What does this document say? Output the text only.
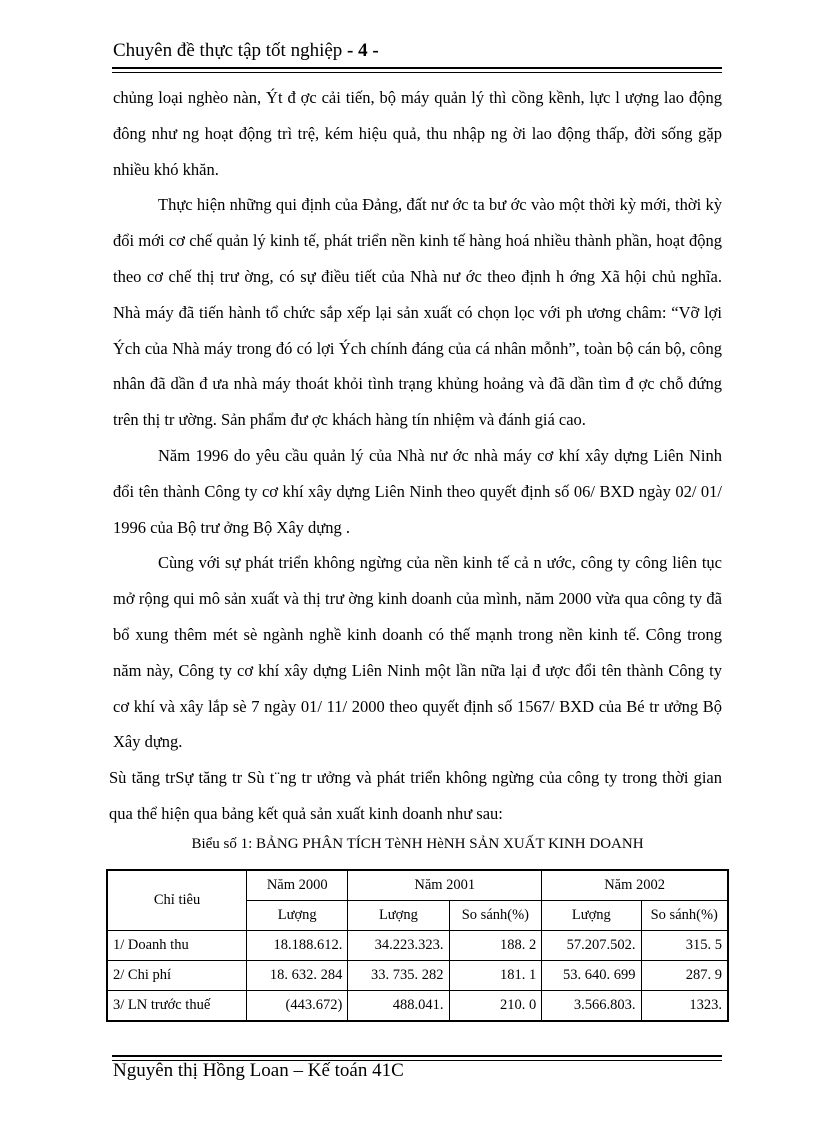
Chuyên đề thực tập tốt nghiệp - 4 -

chủng loại nghèo nàn, Ýt đ ợc cải tiến, bộ máy quản lý thì cồng kềnh, lực l ượng lao động đông như ng hoạt động trì trệ, kém hiệu quả, thu nhập ng ời lao động thấp, đời sống gặp nhiều khó khăn.

Thực hiện những qui định của Đảng, đất nư ớc ta bư ớc vào một thời kỳ mới, thời kỳ đổi mới cơ chế quản lý kinh tế, phát triển nền kinh tế hàng hoá nhiều thành phần, hoạt động theo cơ chế thị trư ờng, có sự điều tiết của Nhà nư ớc theo định h ớng Xã hội chủ nghĩa. Nhà máy đã tiến hành tổ chức sắp xếp lại sản xuất có chọn lọc với ph ương châm: “Vỡ lợi Ých của Nhà máy trong đó có lợi Ých chính đáng của cá nhân mỗnh”, toàn bộ cán bộ, công nhân đã dần đ ưa nhà máy thoát khỏi tình trạng khủng hoảng và đã dần tìm đ ợc chỗ đứng trên thị tr ường. Sản phẩm đư ợc khách hàng tín nhiệm và đánh giá cao.

Năm 1996 do yêu cầu quản lý của Nhà nư ớc nhà máy cơ khí xây dựng Liên Ninh đổi tên thành Công ty cơ khí xây dựng Liên Ninh theo quyết định số 06/ BXD ngày 02/ 01/ 1996 của Bộ trư ởng Bộ Xây dựng .

Cùng với sự phát triển không ngừng của nền kinh tế cả n ước, công ty công liên tục mở rộng qui mô sản xuất và thị trư ờng kinh doanh của mình, năm 2000 vừa qua công ty đã bổ xung thêm mét sè ngành nghề kinh doanh có thế mạnh trong nền kinh tế. Công trong năm này, Công ty cơ khí xây dựng Liên Ninh một lần nữa lại đ ược đổi tên thành Công ty cơ khí và xây lắp sè 7 ngày 01/ 11/ 2000 theo quyết định số 1567/ BXD của Bé tr ưởng Bộ Xây dựng.

Sù tăng trSự tăng tr Sù t¨ng tr ưởng và phát triển không ngừng của công ty trong thời gian qua thể hiện qua bảng kết quả sản xuất kinh doanh như sau:

Biểu số 1: BẢNG PHÂN TÍCH TèNH HèNH SẢN XUẤT KINH DOANH
Chỉ tiêu	Năm 2000	Năm 2001		Năm 2002	
	Lượng	Lượng	So sánh(%)	Lượng	So sánh(%)
1/ Doanh thu	18.188.612.	34.223.323.	188. 2	57.207.502.	315. 5
2/ Chi phí	18. 632. 284	33. 735. 282	181. 1	53. 640. 699	287. 9
3/ LN trước thuế	(443.672)	488.041.	210. 0	3.566.803.	1323.
Nguyên thị Hồng Loan – Kế toán 41C
